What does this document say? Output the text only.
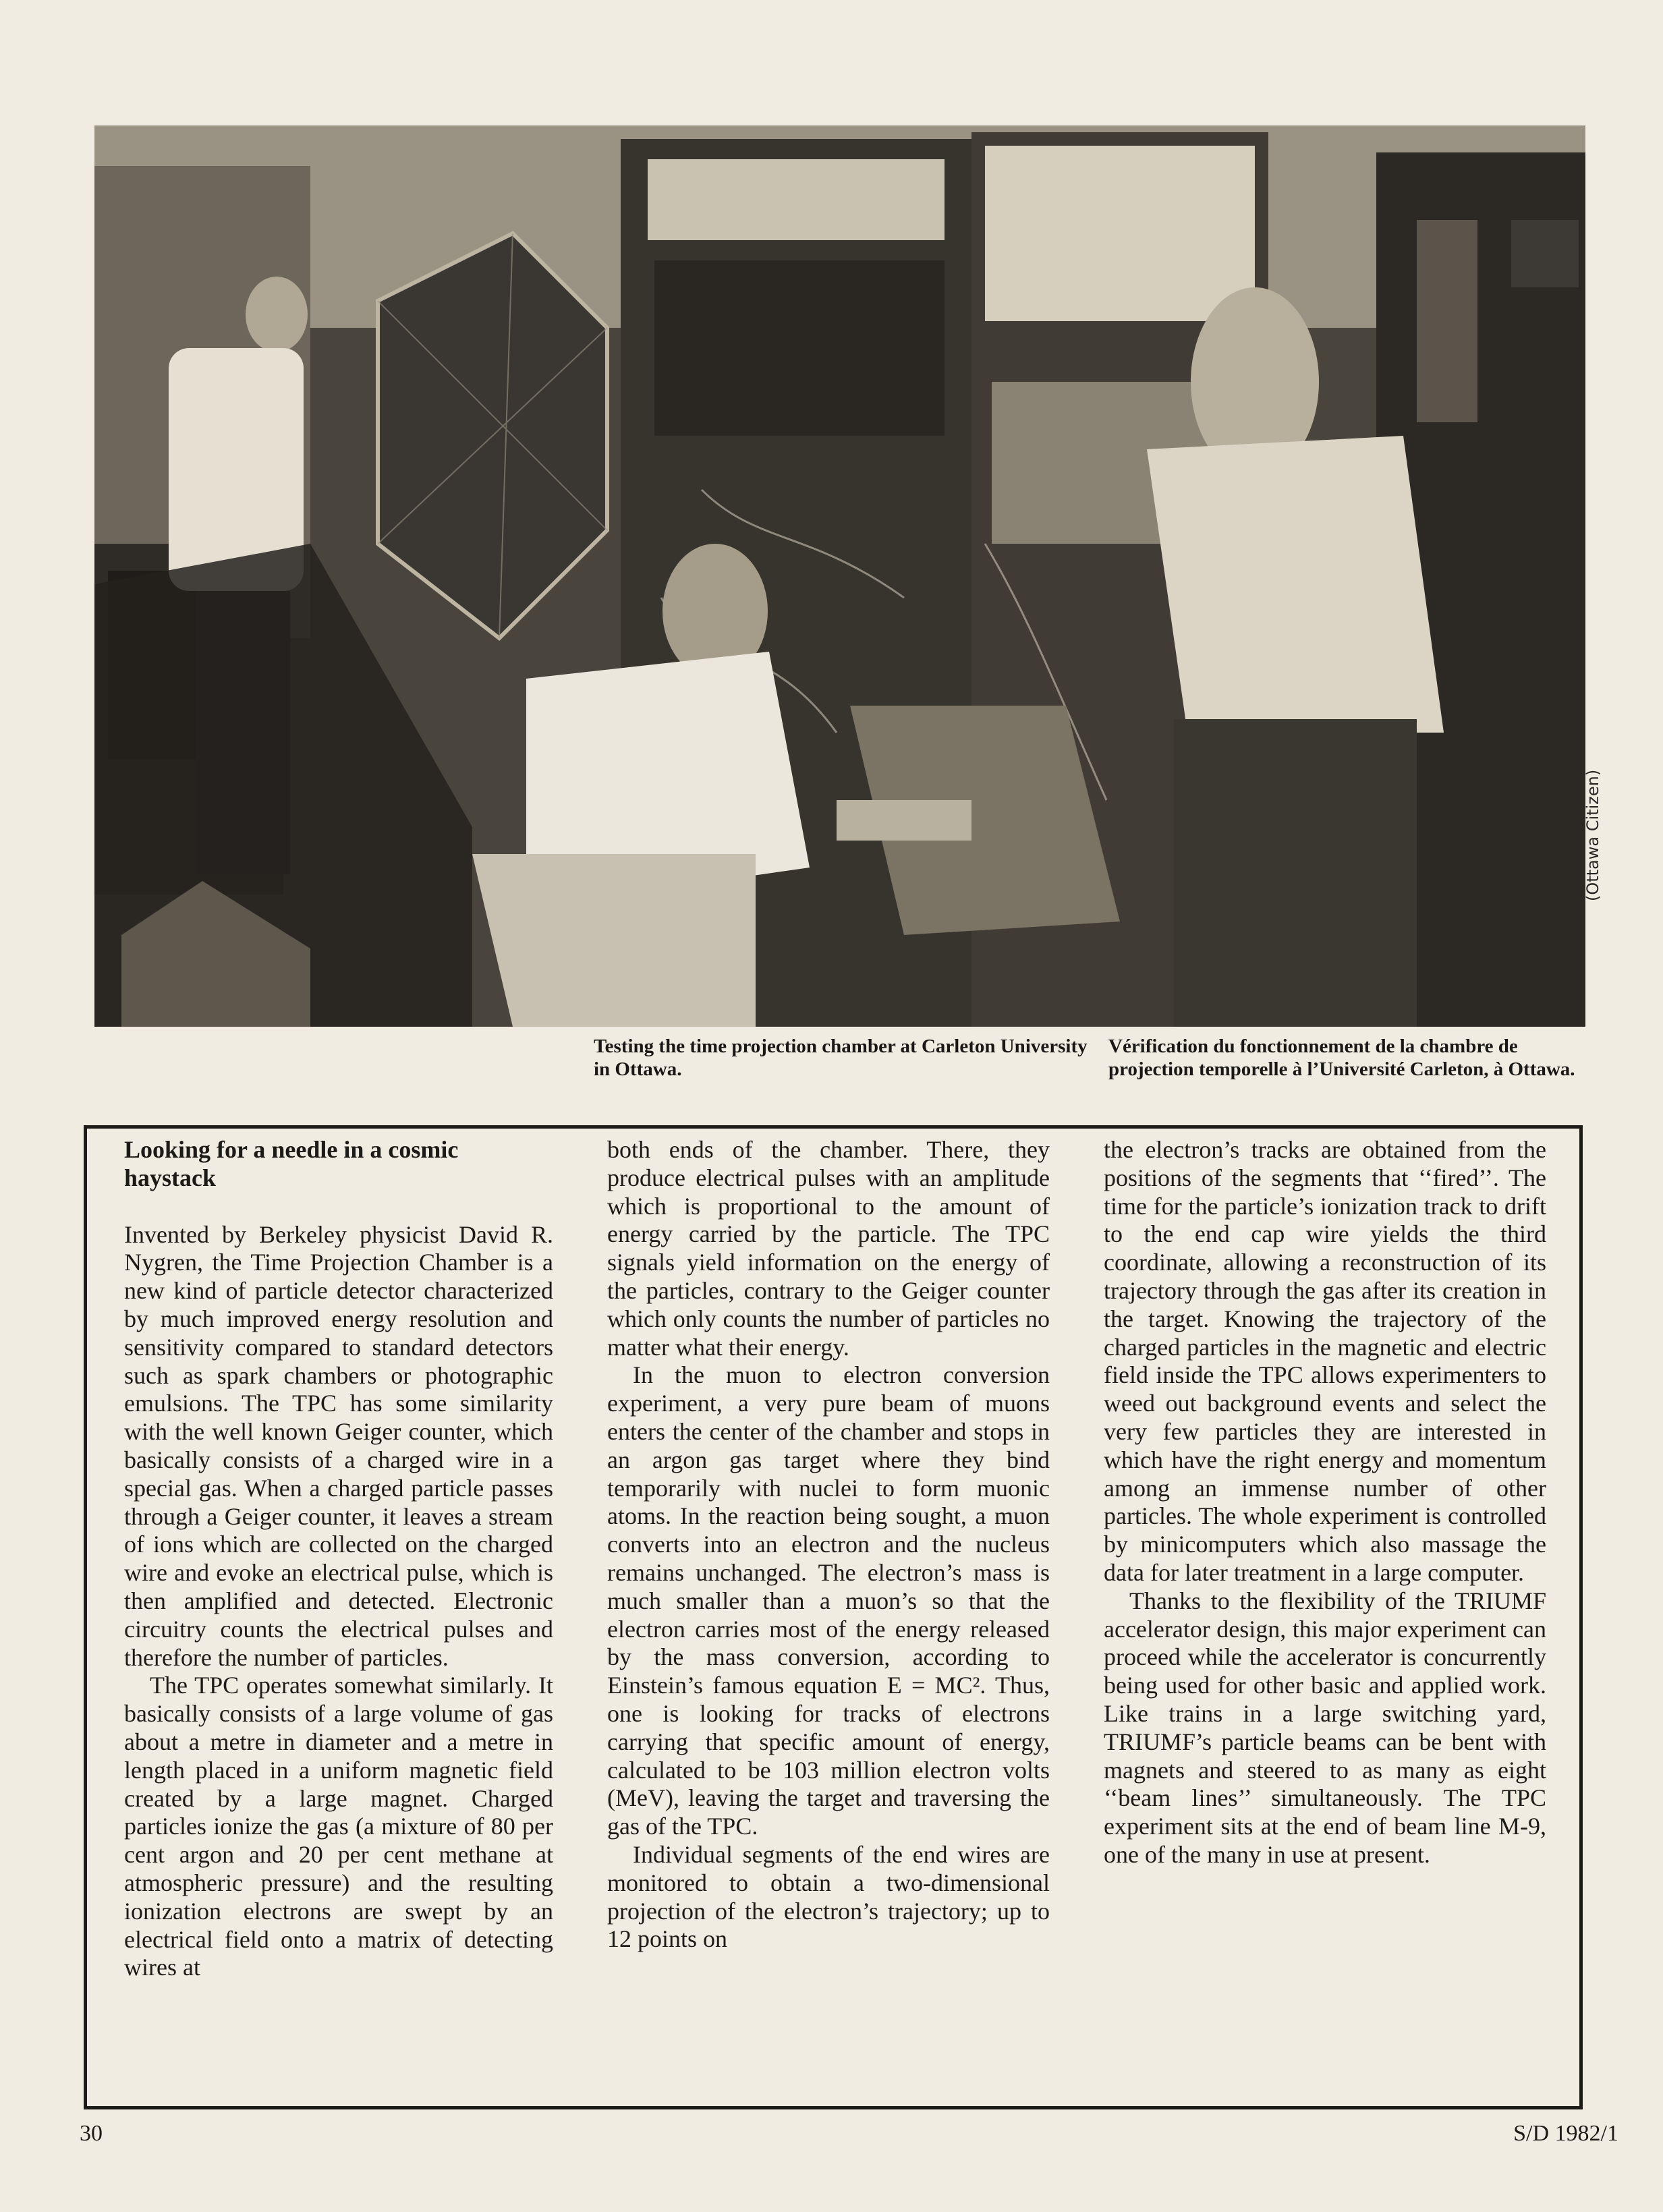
(Ottawa Citizen)
Testing the time projection chamber at Carleton University in Ottawa.
Vérification du fonctionnement de la chambre de projection temporelle à l’Université Carleton, à Ottawa.
Looking for a needle in a cosmic haystack

Invented by Berkeley physicist David R. Nygren, the Time Projection Chamber is a new kind of particle detector characterized by much improved energy resolution and sensitivity compared to standard detectors such as spark chambers or photographic emulsions. The TPC has some similarity with the well known Geiger counter, which basically consists of a charged wire in a special gas. When a charged particle passes through a Geiger counter, it leaves a stream of ions which are collected on the charged wire and evoke an electrical pulse, which is then amplified and detected. Electronic circuitry counts the electrical pulses and therefore the number of particles.

The TPC operates somewhat similarly. It basically consists of a large volume of gas about a metre in diameter and a metre in length placed in a uniform magnetic field created by a large magnet. Charged particles ionize the gas (a mixture of 80 per cent argon and 20 per cent methane at atmospheric pressure) and the resulting ionization electrons are swept by an electrical field onto a matrix of detecting wires at

both ends of the chamber. There, they produce electrical pulses with an amplitude which is proportional to the amount of energy carried by the particle. The TPC signals yield information on the energy of the particles, contrary to the Geiger counter which only counts the number of particles no matter what their energy.

In the muon to electron conversion experiment, a very pure beam of muons enters the center of the chamber and stops in an argon gas target where they bind temporarily with nuclei to form muonic atoms. In the reaction being sought, a muon converts into an electron and the nucleus remains unchanged. The electron’s mass is much smaller than a muon’s so that the electron carries most of the energy released by the mass conversion, according to Einstein’s famous equation E = MC². Thus, one is looking for tracks of electrons carrying that specific amount of energy, calculated to be 103 million electron volts (MeV), leaving the target and traversing the gas of the TPC.

Individual segments of the end wires are monitored to obtain a two-dimensional projection of the electron’s trajectory; up to 12 points on

the electron’s tracks are obtained from the positions of the segments that ‘‘fired’’. The time for the particle’s ionization track to drift to the end cap wire yields the third coordinate, allowing a reconstruction of its trajectory through the gas after its creation in the target. Knowing the trajectory of the charged particles in the magnetic and electric field inside the TPC allows experimenters to weed out background events and select the very few particles they are interested in which have the right energy and momentum among an immense number of other particles. The whole experiment is controlled by minicomputers which also massage the data for later treatment in a large computer.

Thanks to the flexibility of the TRIUMF accelerator design, this major experiment can proceed while the accelerator is concurrently being used for other basic and applied work. Like trains in a large switching yard, TRIUMF’s particle beams can be bent with magnets and steered to as many as eight ‘‘beam lines’’ simultaneously. The TPC experiment sits at the end of beam line M-9, one of the many in use at present.

30	S/D 1982/1
